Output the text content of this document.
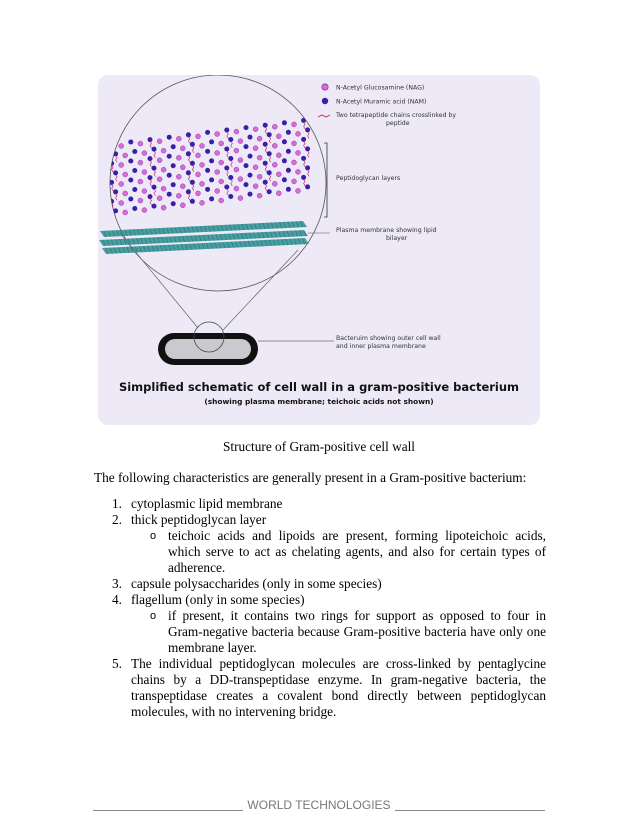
N-Acetyl Glucosamine (NAG)
N-Acetyl Muramic acid (NAM)
Two tetrapeptide chains crosslinked by
peptide
Peptidoglycan layers
Plasma membrane showing lipid
bilayer
Bacteruim showing outer cell wall
and inner plasma membrane
Simplified schematic of cell wall in a gram-positive bacterium
(showing plasma membrane; teichoic acids not shown)
Structure of Gram-positive cell wall
The following characteristics are generally present in a Gram-positive bacterium:
1. cytoplasmic lipid membrane
2. thick peptidoglycan layer
o teichoic acids and lipoids are present, forming lipoteichoic acids, which serve to act as chelating agents, and also for certain types of adherence.
3. capsule polysaccharides (only in some species)
4. flagellum (only in some species)
o if present, it contains two rings for support as opposed to four in Gram-negative bacteria because Gram-positive bacteria have only one membrane layer.
5. The individual peptidoglycan molecules are cross-linked by pentaglycine chains by a DD-transpeptidase enzyme. In gram-negative bacteria, the transpeptidase creates a covalent bond directly between peptidoglycan molecules, with no intervening bridge.
WORLD TECHNOLOGIES
